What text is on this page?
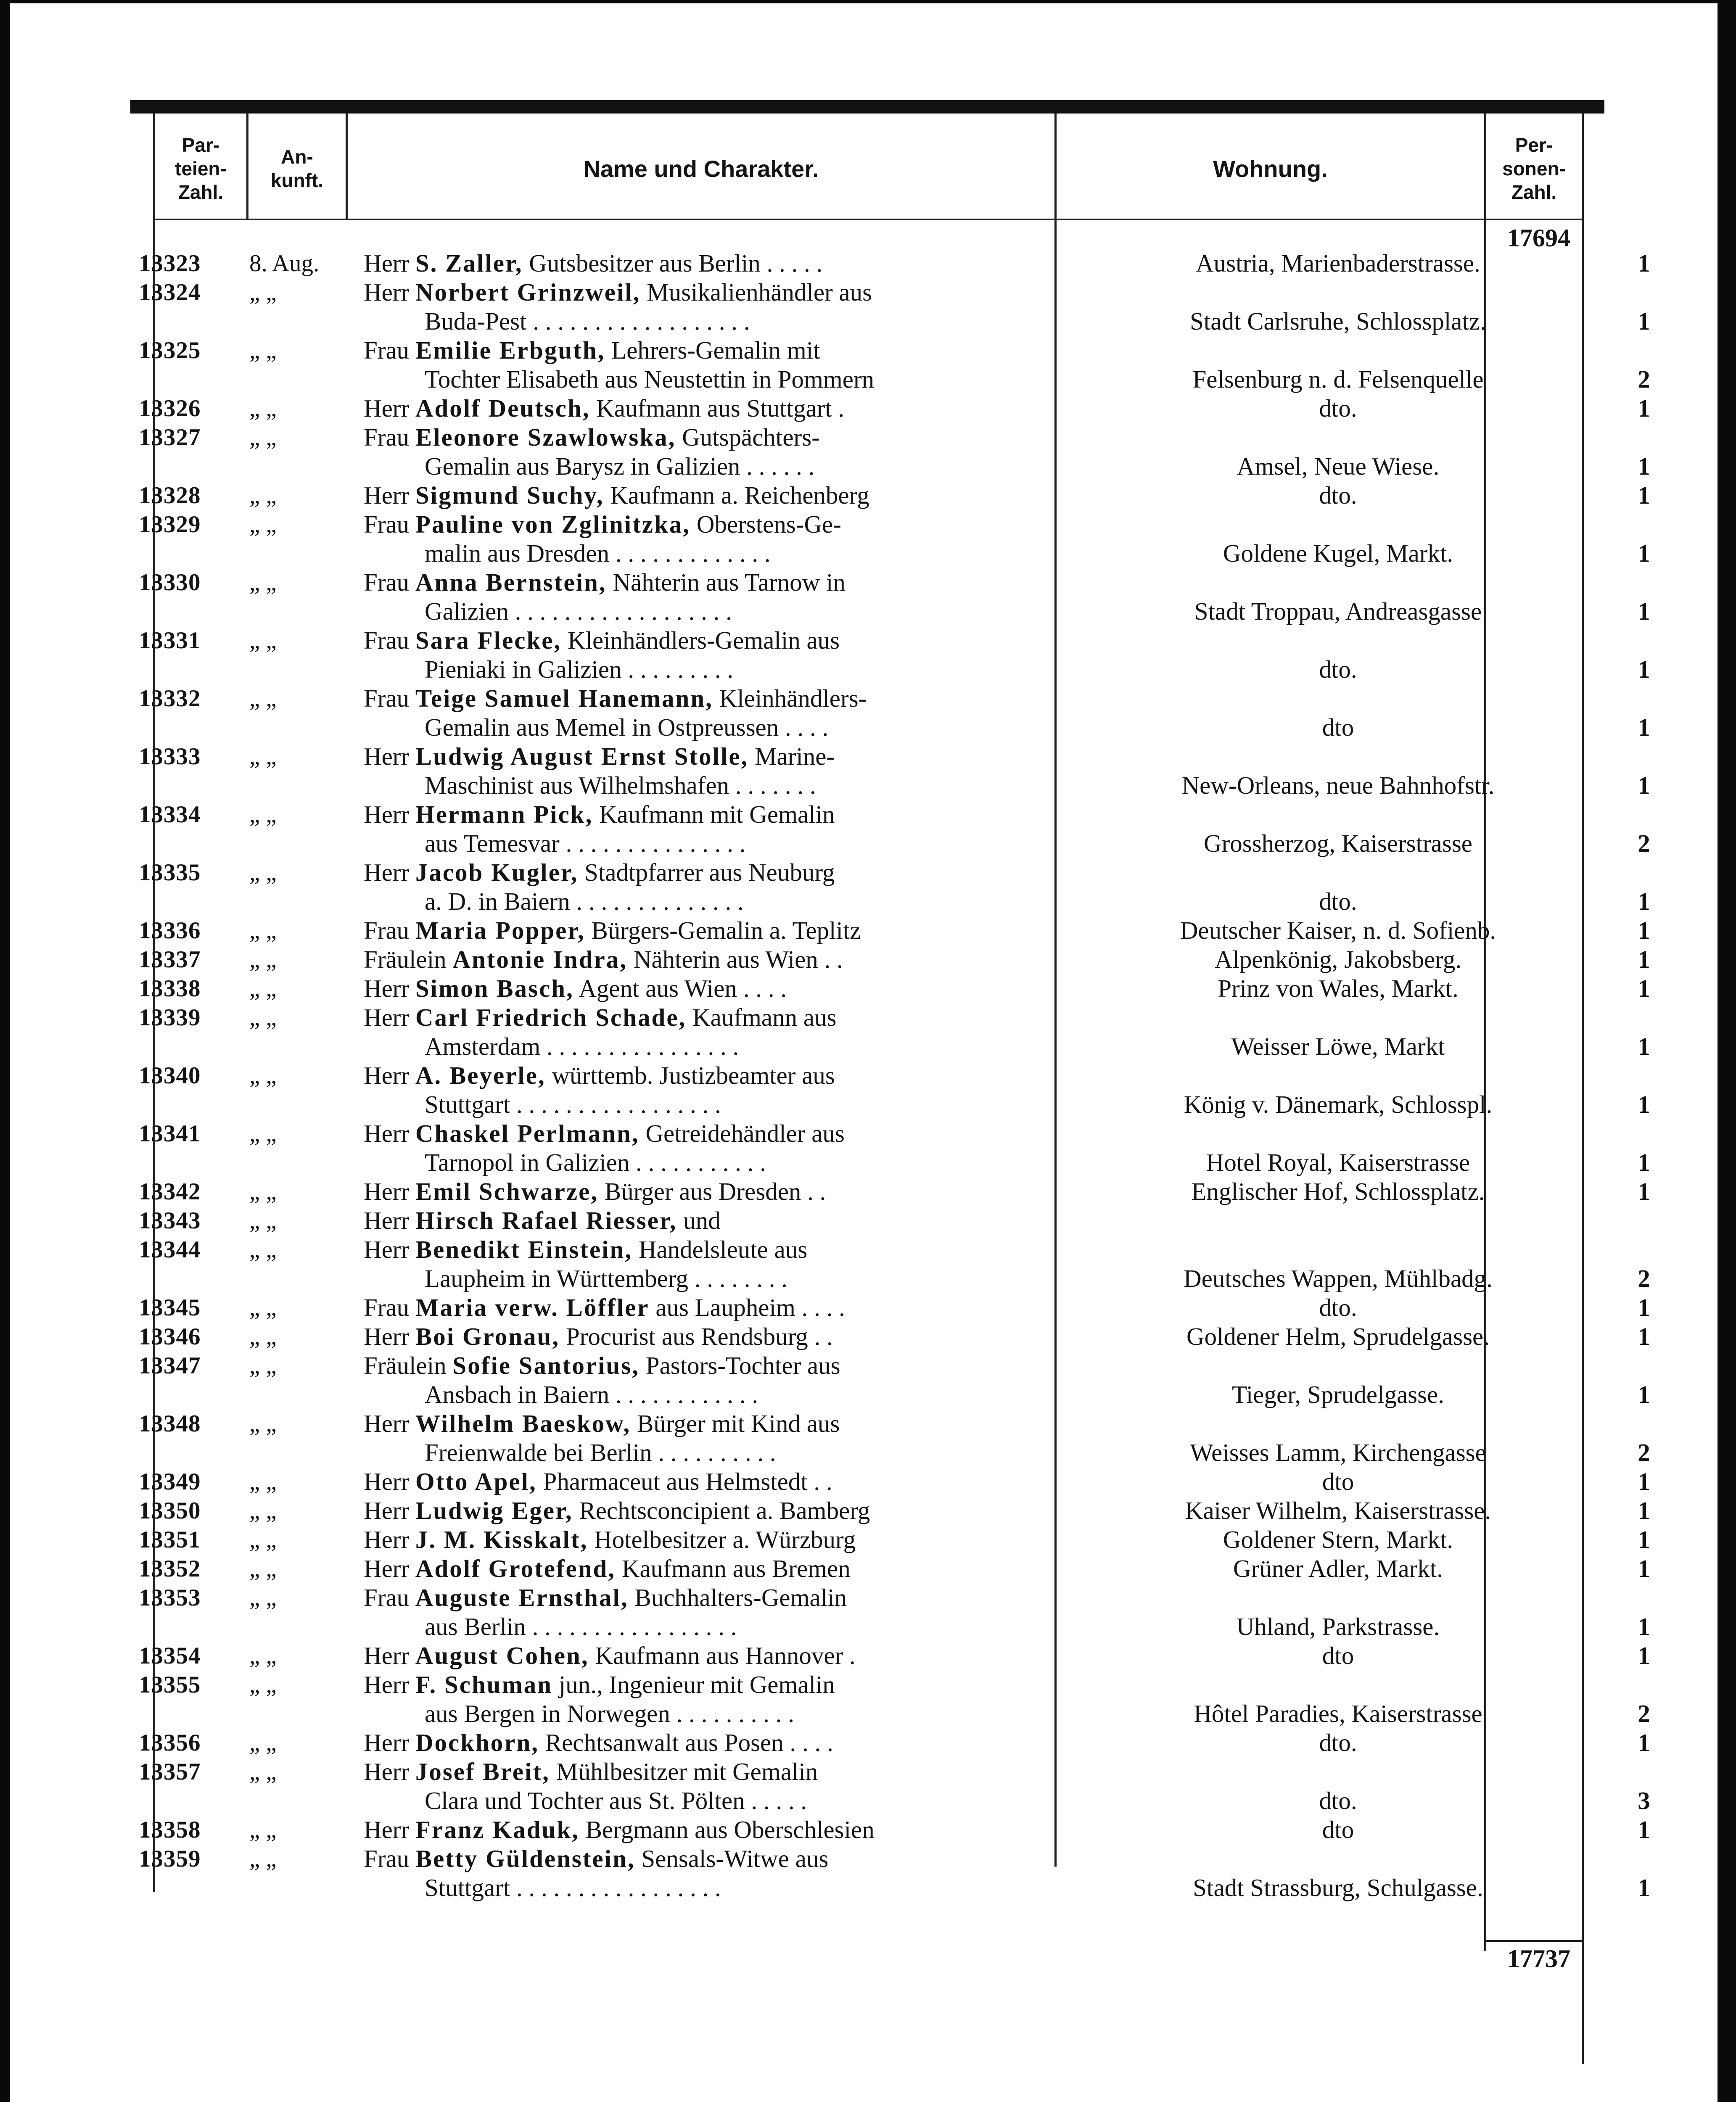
Par-
teien-
Zahl.
An-
kunft.	Name und Charakter.	Wohnung.
Per-
sonen-
Zahl.
17694
13323	8. Aug.	Herr S. Zaller, Gutsbesitzer aus Berlin . . . . .	Austria, Marienbaderstrasse.	1
13324	„ „	Herr Norbert Grinzweil, Musikalienhändler aus
Buda-Pest . . . . . . . . . . . . . . . . . .	Stadt Carlsruhe, Schlossplatz.	1
13325	„ „	Frau Emilie Erbguth, Lehrers-Gemalin mit
Tochter Elisabeth aus Neustettin in Pommern	Felsenburg n. d. Felsenquelle	2
13326	„ „	Herr Adolf Deutsch, Kaufmann aus Stuttgart .	dto.	1
13327	„ „	Frau Eleonore Szawlowska, Gutspächters-
Gemalin aus Barysz in Galizien . . . . . .	Amsel, Neue Wiese.	1
13328	„ „	Herr Sigmund Suchy, Kaufmann a. Reichenberg	dto.	1
13329	„ „	Frau Pauline von Zglinitzka, Oberstens-Ge-
malin aus Dresden . . . . . . . . . . . . .	Goldene Kugel, Markt.	1
13330	„ „	Frau Anna Bernstein, Nähterin aus Tarnow in
Galizien . . . . . . . . . . . . . . . . . .	Stadt Troppau, Andreasgasse	1
13331	„ „	Frau Sara Flecke, Kleinhändlers-Gemalin aus
Pieniaki in Galizien . . . . . . . . .	dto.	1
13332	„ „	Frau Teige Samuel Hanemann, Kleinhändlers-
Gemalin aus Memel in Ostpreussen . . . .	dto	1
13333	„ „	Herr Ludwig August Ernst Stolle, Marine-
Maschinist aus Wilhelmshafen . . . . . . .	New-Orleans, neue Bahnhofstr.	1
13334	„ „	Herr Hermann Pick, Kaufmann mit Gemalin
aus Temesvar . . . . . . . . . . . . . . .	Grossherzog, Kaiserstrasse	2
13335	„ „	Herr Jacob Kugler, Stadtpfarrer aus Neuburg
a. D. in Baiern . . . . . . . . . . . . . .	dto.	1
13336	„ „	Frau Maria Popper, Bürgers-Gemalin a. Teplitz	Deutscher Kaiser, n. d. Sofienb.	1
13337	„ „	Fräulein Antonie Indra, Nähterin aus Wien . .	Alpenkönig, Jakobsberg.	1
13338	„ „	Herr Simon Basch, Agent aus Wien . . . .	Prinz von Wales, Markt.	1
13339	„ „	Herr Carl Friedrich Schade, Kaufmann aus
Amsterdam . . . . . . . . . . . . . . . .	Weisser Löwe, Markt	1
13340	„ „	Herr A. Beyerle, württemb. Justizbeamter aus
Stuttgart . . . . . . . . . . . . . . . . .	König v. Dänemark, Schlosspl.	1
13341	„ „	Herr Chaskel Perlmann, Getreidehändler aus
Tarnopol in Galizien . . . . . . . . . . .	Hotel Royal, Kaiserstrasse	1
13342	„ „	Herr Emil Schwarze, Bürger aus Dresden . .	Englischer Hof, Schlossplatz.	1
13343	„ „	Herr Hirsch Rafael Riesser, und
13344	„ „	Herr Benedikt Einstein, Handelsleute aus
Laupheim in Württemberg . . . . . . . .	Deutsches Wappen, Mühlbadg.	2
13345	„ „	Frau Maria verw. Löffler aus Laupheim . . . .	dto.	1
13346	„ „	Herr Boi Gronau, Procurist aus Rendsburg . .	Goldener Helm, Sprudelgasse.	1
13347	„ „	Fräulein Sofie Santorius, Pastors-Tochter aus
Ansbach in Baiern . . . . . . . . . . . .	Tieger, Sprudelgasse.	1
13348	„ „	Herr Wilhelm Baeskow, Bürger mit Kind aus
Freienwalde bei Berlin . . . . . . . . . .	Weisses Lamm, Kirchengasse	2
13349	„ „	Herr Otto Apel, Pharmaceut aus Helmstedt . .	dto	1
13350	„ „	Herr Ludwig Eger, Rechtsconcipient a. Bamberg	Kaiser Wilhelm, Kaiserstrasse.	1
13351	„ „	Herr J. M. Kisskalt, Hotelbesitzer a. Würzburg	Goldener Stern, Markt.	1
13352	„ „	Herr Adolf Grotefend, Kaufmann aus Bremen	Grüner Adler, Markt.	1
13353	„ „	Frau Auguste Ernsthal, Buchhalters-Gemalin
aus Berlin . . . . . . . . . . . . . . . . .	Uhland, Parkstrasse.	1
13354	„ „	Herr August Cohen, Kaufmann aus Hannover .	dto	1
13355	„ „	Herr F. Schuman jun., Ingenieur mit Gemalin
aus Bergen in Norwegen . . . . . . . . . .	Hôtel Paradies, Kaiserstrasse	2
13356	„ „	Herr Dockhorn, Rechtsanwalt aus Posen . . . .	dto.	1
13357	„ „	Herr Josef Breit, Mühlbesitzer mit Gemalin
Clara und Tochter aus St. Pölten . . . . .	dto.	3
13358	„ „	Herr Franz Kaduk, Bergmann aus Oberschlesien	dto	1
13359	„ „	Frau Betty Güldenstein, Sensals-Witwe aus
Stuttgart . . . . . . . . . . . . . . . . .	Stadt Strassburg, Schulgasse.	1
17737
